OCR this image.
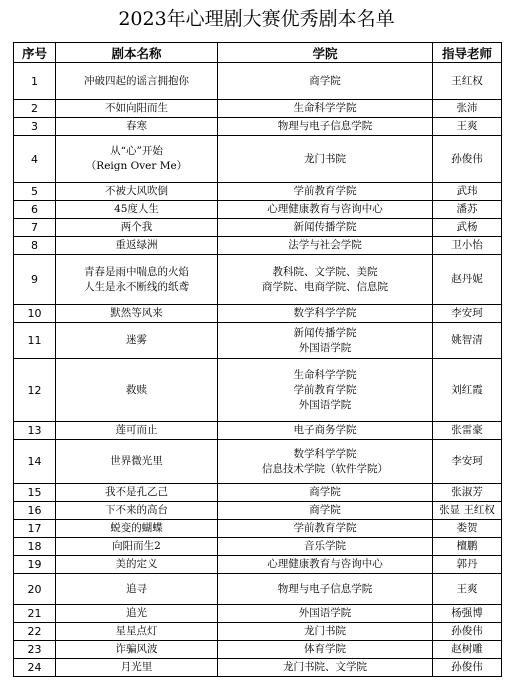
2023年心理剧大赛优秀剧本名单
序号	剧本名称	学院	指导老师
1	冲破四起的谣言拥抱你	商学院	王红权
2	不如向阳而生	生命科学学院	张沛
3	春寒	物理与电子信息学院	王爽
4	从“心”开始
（Reign Over Me）	龙门书院	孙俊伟
5	不被大风吹倒	学前教育学院	武玮
6	45度人生	心理健康教育与咨询中心	潘苏
7	两个我	新闻传播学院	武杨
8	重返绿洲	法学与社会学院	卫小怡
9	青春是雨中喘息的火焰
人生是永不断线的纸鸢	教科院、文学院、美院
商学院、电商学院、信息院	赵丹妮
10	默然等风来	数学科学学院	李安珂
11	迷雾	新闻传播学院
外国语学院	姚智清
12	救赎	生命科学学院
学前教育学院
外国语学院	刘红霞
13	莲可而止	电子商务学院	张雷豪
14	世界微光里	数学科学学院
信息技术学院（软件学院）	李安珂
15	我不是孔乙己	商学院	张淑芳
16	下不来的高台	商学院	张显 王红权
17	蜕变的蝴蝶	学前教育学院	娄贺
18	向阳而生2	音乐学院	檀鹏
19	美的定义	心理健康教育与咨询中心	郭丹
20	追寻	物理与电子信息学院	王爽
21	追光	外国语学院	杨强博
22	星星点灯	龙门书院	孙俊伟
23	诈骗风波	体育学院	赵树雕
24	月光里	龙门书院、文学院	孙俊伟
